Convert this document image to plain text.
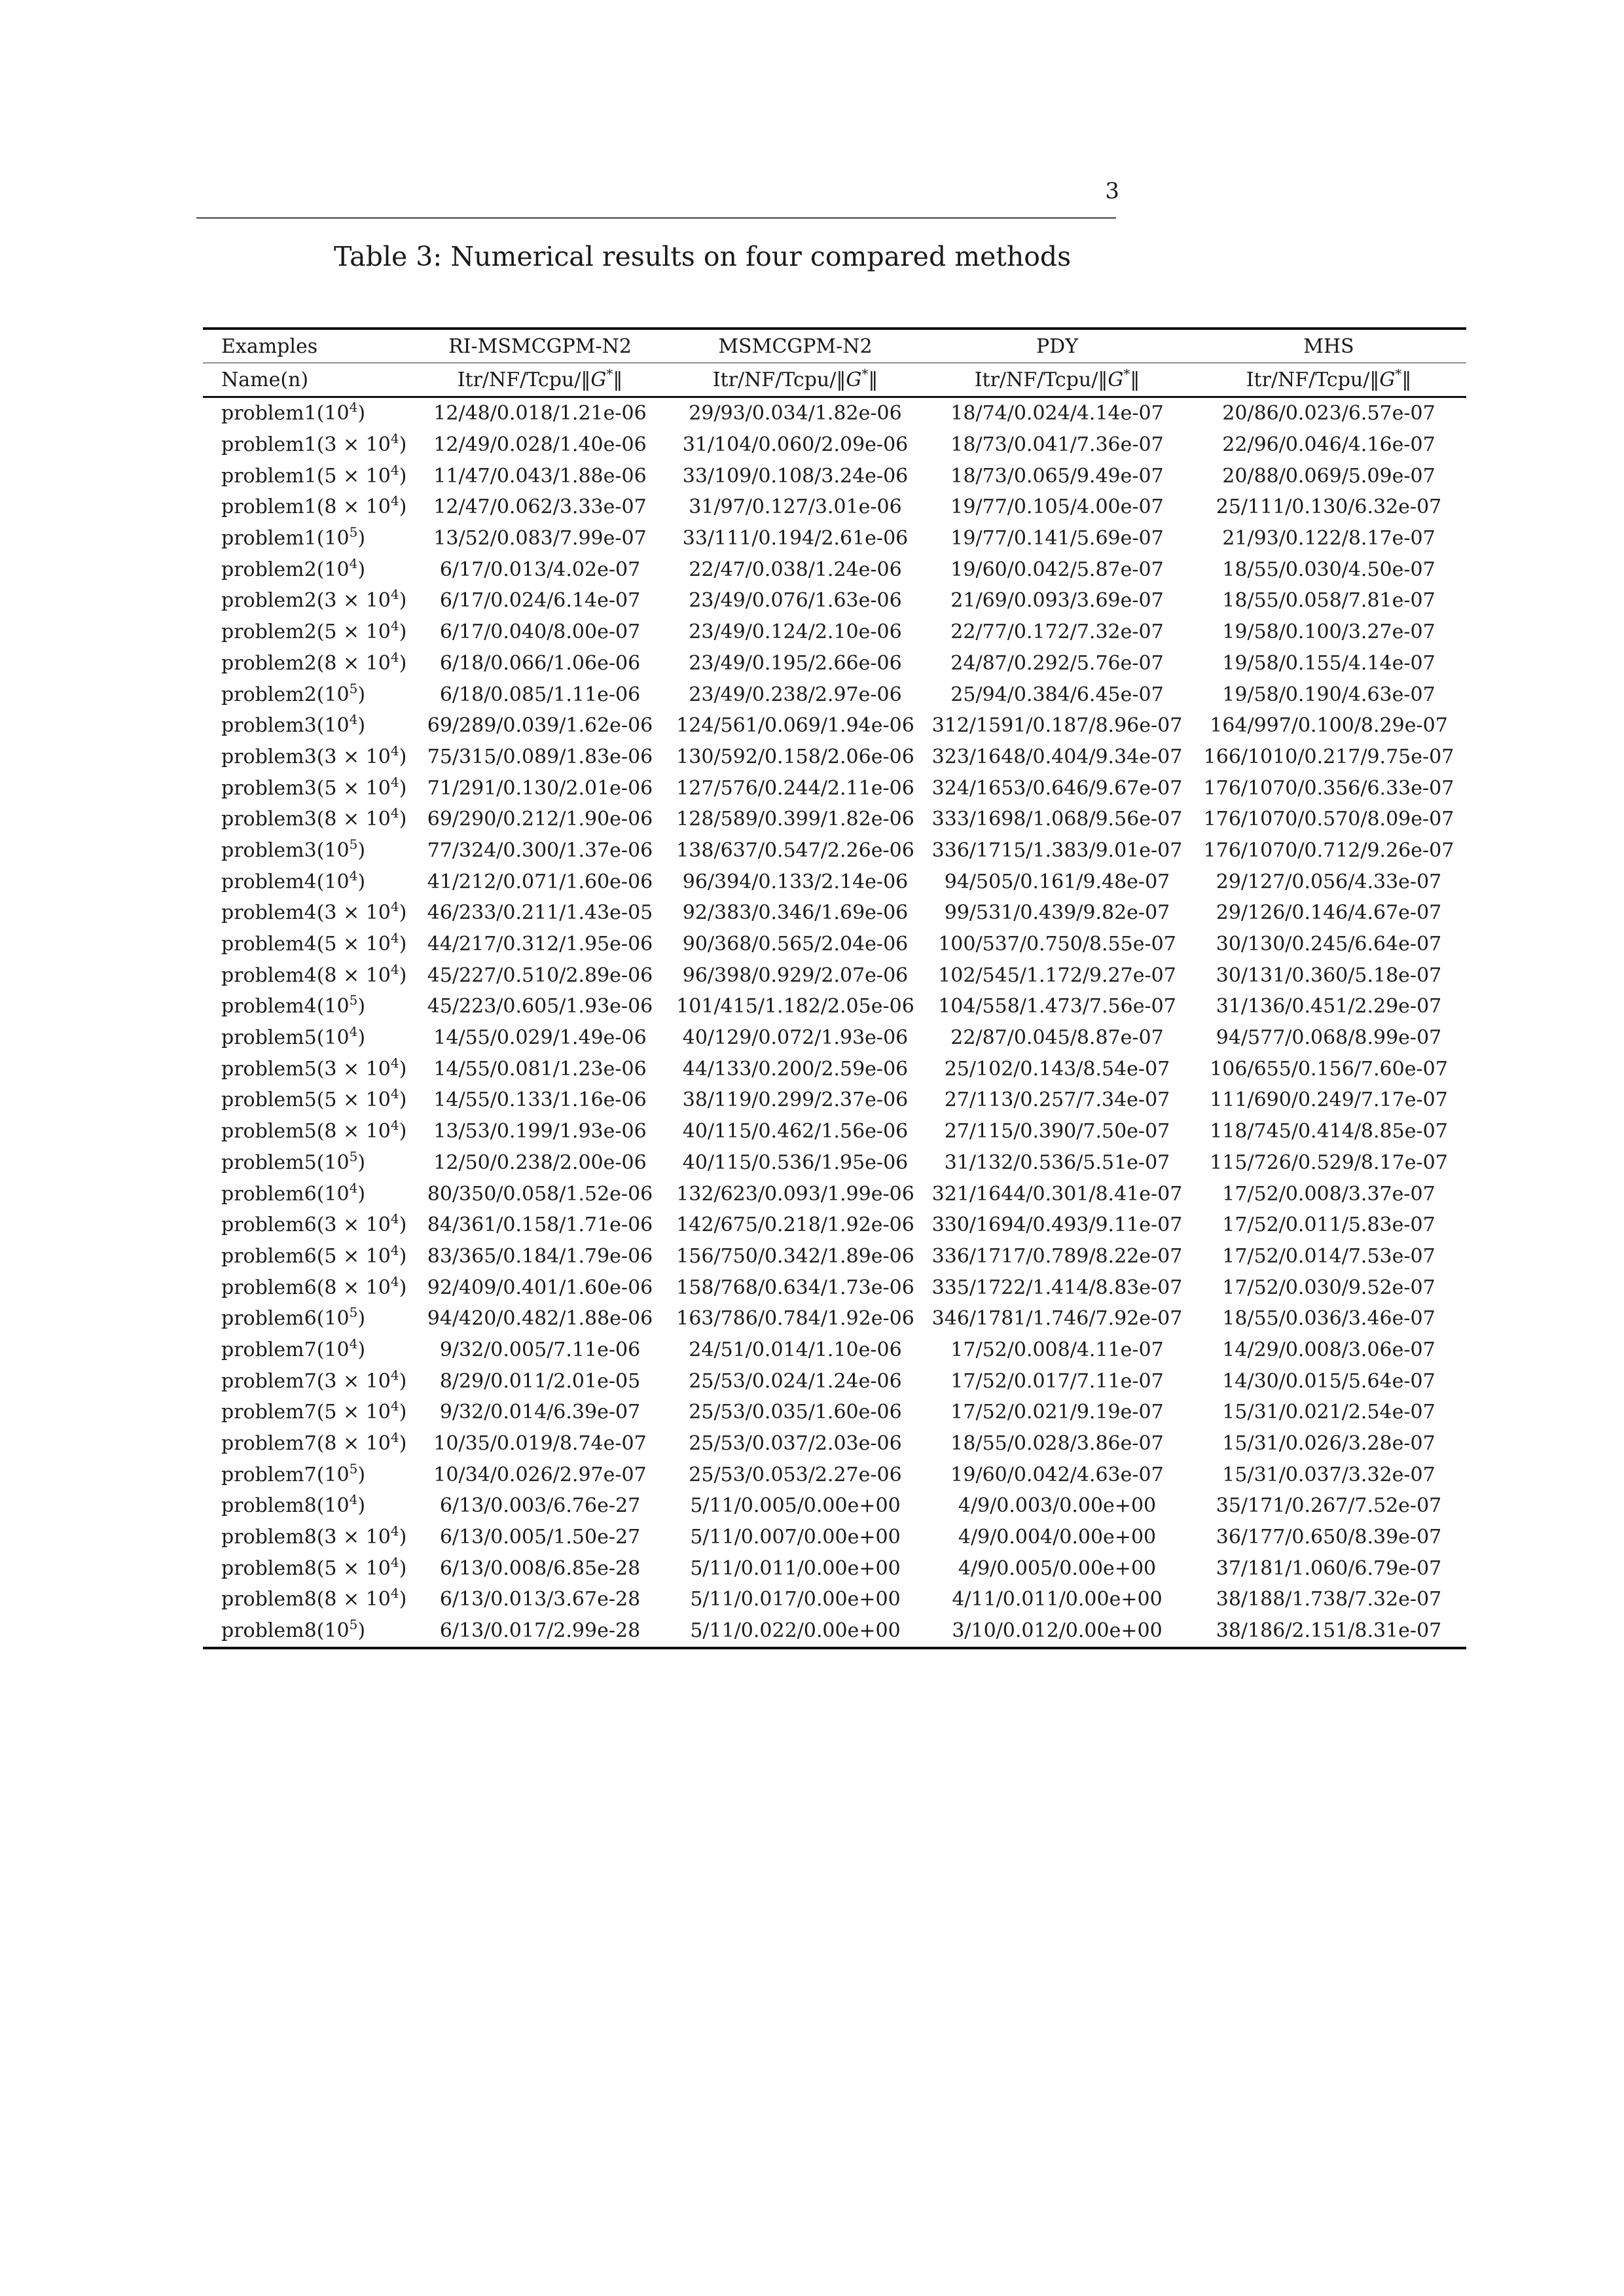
3
Table 3: Numerical results on four compared methods
Examples	RI-MSMCGPM-N2	MSMCGPM-N2	PDY	MHS
Name(n)	Itr/NF/Tcpu/‖G*‖	Itr/NF/Tcpu/‖G*‖	Itr/NF/Tcpu/‖G*‖	Itr/NF/Tcpu/‖G*‖
$problem1(10^4)$	12/48/0.018/1.21e-06	29/93/0.034/1.82e-06	18/74/0.024/4.14e-07	20/86/0.023/6.57e-07
problem1(3 × $10^4$)	12/49/0.028/1.40e-06	31/104/0.060/2.09e-06	18/73/0.041/7.36e-07	22/96/0.046/4.16e-07
problem1(5 × $10^4$)	11/47/0.043/1.88e-06	33/109/0.108/3.24e-06	18/73/0.065/9.49e-07	20/88/0.069/5.09e-07
problem1(8 × $10^4$)	12/47/0.062/3.33e-07	31/97/0.127/3.01e-06	19/77/0.105/4.00e-07	25/111/0.130/6.32e-07
$problem1(10^5)$	13/52/0.083/7.99e-07	33/111/0.194/2.61e-06	19/77/0.141/5.69e-07	21/93/0.122/8.17e-07
$problem2(10^4)$	6/17/0.013/4.02e-07	22/47/0.038/1.24e-06	19/60/0.042/5.87e-07	18/55/0.030/4.50e-07
problem2(3 × $10^4$)	6/17/0.024/6.14e-07	23/49/0.076/1.63e-06	21/69/0.093/3.69e-07	18/55/0.058/7.81e-07
problem2(5 × $10^4$)	6/17/0.040/8.00e-07	23/49/0.124/2.10e-06	22/77/0.172/7.32e-07	19/58/0.100/3.27e-07
problem2(8 × $10^4$)	6/18/0.066/1.06e-06	23/49/0.195/2.66e-06	24/87/0.292/5.76e-07	19/58/0.155/4.14e-07
$problem2(10^5)$	6/18/0.085/1.11e-06	23/49/0.238/2.97e-06	25/94/0.384/6.45e-07	19/58/0.190/4.63e-07
$problem3(10^4)$	69/289/0.039/1.62e-06	124/561/0.069/1.94e-06	312/1591/0.187/8.96e-07	164/997/0.100/8.29e-07
problem3(3 × $10^4$)	75/315/0.089/1.83e-06	130/592/0.158/2.06e-06	323/1648/0.404/9.34e-07	166/1010/0.217/9.75e-07
problem3(5 × $10^4$)	71/291/0.130/2.01e-06	127/576/0.244/2.11e-06	324/1653/0.646/9.67e-07	176/1070/0.356/6.33e-07
problem3(8 × $10^4$)	69/290/0.212/1.90e-06	128/589/0.399/1.82e-06	333/1698/1.068/9.56e-07	176/1070/0.570/8.09e-07
$problem3(10^5)$	77/324/0.300/1.37e-06	138/637/0.547/2.26e-06	336/1715/1.383/9.01e-07	176/1070/0.712/9.26e-07
$problem4(10^4)$	41/212/0.071/1.60e-06	96/394/0.133/2.14e-06	94/505/0.161/9.48e-07	29/127/0.056/4.33e-07
problem4(3 × $10^4$)	46/233/0.211/1.43e-05	92/383/0.346/1.69e-06	99/531/0.439/9.82e-07	29/126/0.146/4.67e-07
problem4(5 × $10^4$)	44/217/0.312/1.95e-06	90/368/0.565/2.04e-06	100/537/0.750/8.55e-07	30/130/0.245/6.64e-07
problem4(8 × $10^4$)	45/227/0.510/2.89e-06	96/398/0.929/2.07e-06	102/545/1.172/9.27e-07	30/131/0.360/5.18e-07
$problem4(10^5)$	45/223/0.605/1.93e-06	101/415/1.182/2.05e-06	104/558/1.473/7.56e-07	31/136/0.451/2.29e-07
$problem5(10^4)$	14/55/0.029/1.49e-06	40/129/0.072/1.93e-06	22/87/0.045/8.87e-07	94/577/0.068/8.99e-07
problem5(3 × $10^4$)	14/55/0.081/1.23e-06	44/133/0.200/2.59e-06	25/102/0.143/8.54e-07	106/655/0.156/7.60e-07
problem5(5 × $10^4$)	14/55/0.133/1.16e-06	38/119/0.299/2.37e-06	27/113/0.257/7.34e-07	111/690/0.249/7.17e-07
problem5(8 × $10^4$)	13/53/0.199/1.93e-06	40/115/0.462/1.56e-06	27/115/0.390/7.50e-07	118/745/0.414/8.85e-07
$problem5(10^5)$	12/50/0.238/2.00e-06	40/115/0.536/1.95e-06	31/132/0.536/5.51e-07	115/726/0.529/8.17e-07
$problem6(10^4)$	80/350/0.058/1.52e-06	132/623/0.093/1.99e-06	321/1644/0.301/8.41e-07	17/52/0.008/3.37e-07
problem6(3 × $10^4$)	84/361/0.158/1.71e-06	142/675/0.218/1.92e-06	330/1694/0.493/9.11e-07	17/52/0.011/5.83e-07
problem6(5 × $10^4$)	83/365/0.184/1.79e-06	156/750/0.342/1.89e-06	336/1717/0.789/8.22e-07	17/52/0.014/7.53e-07
problem6(8 × $10^4$)	92/409/0.401/1.60e-06	158/768/0.634/1.73e-06	335/1722/1.414/8.83e-07	17/52/0.030/9.52e-07
$problem6(10^5)$	94/420/0.482/1.88e-06	163/786/0.784/1.92e-06	346/1781/1.746/7.92e-07	18/55/0.036/3.46e-07
$problem7(10^4)$	9/32/0.005/7.11e-06	24/51/0.014/1.10e-06	17/52/0.008/4.11e-07	14/29/0.008/3.06e-07
problem7(3 × $10^4$)	8/29/0.011/2.01e-05	25/53/0.024/1.24e-06	17/52/0.017/7.11e-07	14/30/0.015/5.64e-07
problem7(5 × $10^4$)	9/32/0.014/6.39e-07	25/53/0.035/1.60e-06	17/52/0.021/9.19e-07	15/31/0.021/2.54e-07
problem7(8 × $10^4$)	10/35/0.019/8.74e-07	25/53/0.037/2.03e-06	18/55/0.028/3.86e-07	15/31/0.026/3.28e-07
$problem7(10^5)$	10/34/0.026/2.97e-07	25/53/0.053/2.27e-06	19/60/0.042/4.63e-07	15/31/0.037/3.32e-07
$problem8(10^4)$	6/13/0.003/6.76e-27	5/11/0.005/0.00e+00	4/9/0.003/0.00e+00	35/171/0.267/7.52e-07
problem8(3 × $10^4$)	6/13/0.005/1.50e-27	5/11/0.007/0.00e+00	4/9/0.004/0.00e+00	36/177/0.650/8.39e-07
problem8(5 × $10^4$)	6/13/0.008/6.85e-28	5/11/0.011/0.00e+00	4/9/0.005/0.00e+00	37/181/1.060/6.79e-07
problem8(8 × $10^4$)	6/13/0.013/3.67e-28	5/11/0.017/0.00e+00	4/11/0.011/0.00e+00	38/188/1.738/7.32e-07
$problem8(10^5)$	6/13/0.017/2.99e-28	5/11/0.022/0.00e+00	3/10/0.012/0.00e+00	38/186/2.151/8.31e-07
